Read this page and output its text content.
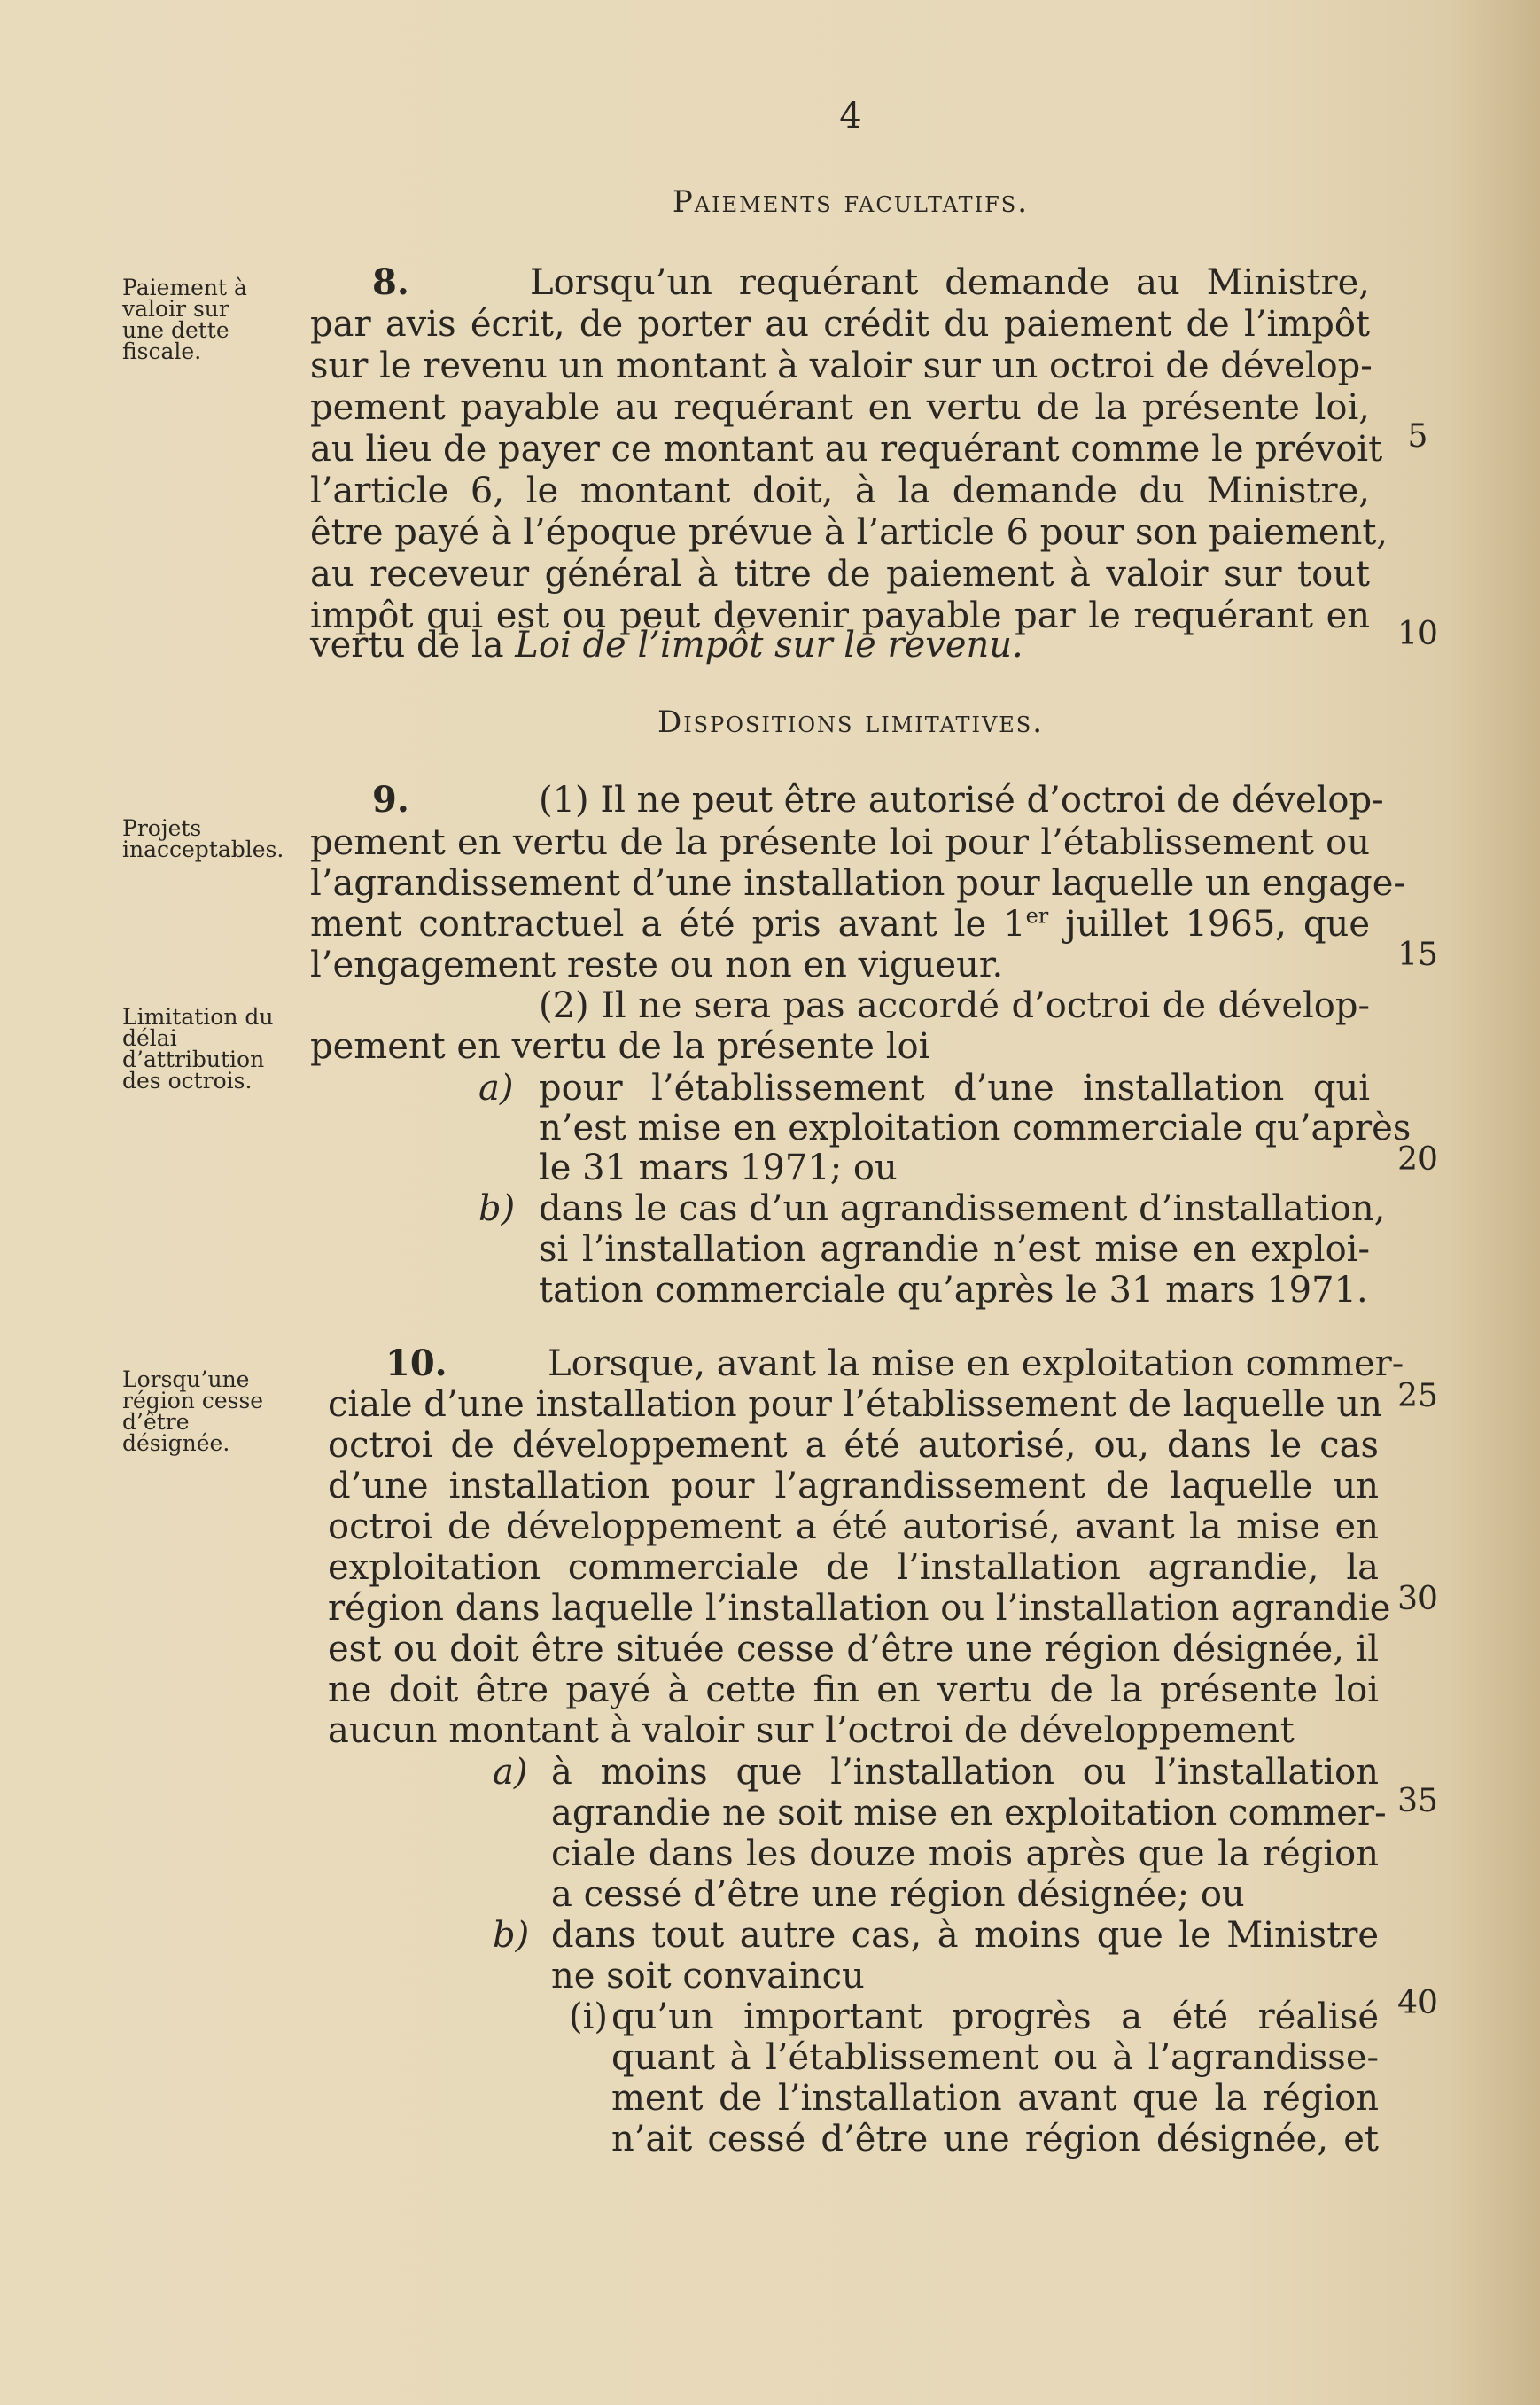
4
Paiements facultatifs.
Paiement à
valoir sur
une dette
fiscale.
8.	Lorsqu’un requérant demande au Ministre,
par avis écrit, de porter au crédit du paiement de l’impôt
sur le revenu un montant à valoir sur un octroi de dévelop-
pement payable au requérant en vertu de la présente loi,
au lieu de payer ce montant au requérant comme le prévoit
l’article 6, le montant doit, à la demande du Ministre,
être payé à l’époque prévue à l’article 6 pour son paiement,
au receveur général à titre de paiement à valoir sur tout
impôt qui est ou peut devenir payable par le requérant en
vertu de la Loi de l’impôt sur le revenu.
Dispositions limitatives.
Projets
inacceptables.
9.	(1) Il ne peut être autorisé d’octroi de dévelop-
pement en vertu de la présente loi pour l’établissement ou
l’agrandissement d’une installation pour laquelle un engage-
ment contractuel a été pris avant le 1er juillet 1965, que
l’engagement reste ou non en vigueur.
(2) Il ne sera pas accordé d’octroi de dévelop-
pement en vertu de la présente loi
a) pour l’établissement d’une installation qui
n’est mise en exploitation commerciale qu’après
le 31 mars 1971; ou
b) dans le cas d’un agrandissement d’installation,
si l’installation agrandie n’est mise en exploi-
tation commerciale qu’après le 31 mars 1971.
Limitation du
délai
d’attribution
des octrois.
Lorsqu’une
région cesse
d’être
désignée.
10.	Lorsque, avant la mise en exploitation commer-
ciale d’une installation pour l’établissement de laquelle un
octroi de développement a été autorisé, ou, dans le cas
d’une installation pour l’agrandissement de laquelle un
octroi de développement a été autorisé, avant la mise en
exploitation commerciale de l’installation agrandie, la
région dans laquelle l’installation ou l’installation agrandie
est ou doit être située cesse d’être une région désignée, il
ne doit être payé à cette fin en vertu de la présente loi
aucun montant à valoir sur l’octroi de développement
a) à moins que l’installation ou l’installation
agrandie ne soit mise en exploitation commer-
ciale dans les douze mois après que la région
a cessé d’être une région désignée; ou
b) dans tout autre cas, à moins que le Ministre
ne soit convaincu
(i) qu’un important progrès a été réalisé
quant à l’établissement ou à l’agrandisse-
ment de l’installation avant que la région
n’ait cessé d’être une région désignée, et
5
10
15
20
25
30
35
40
